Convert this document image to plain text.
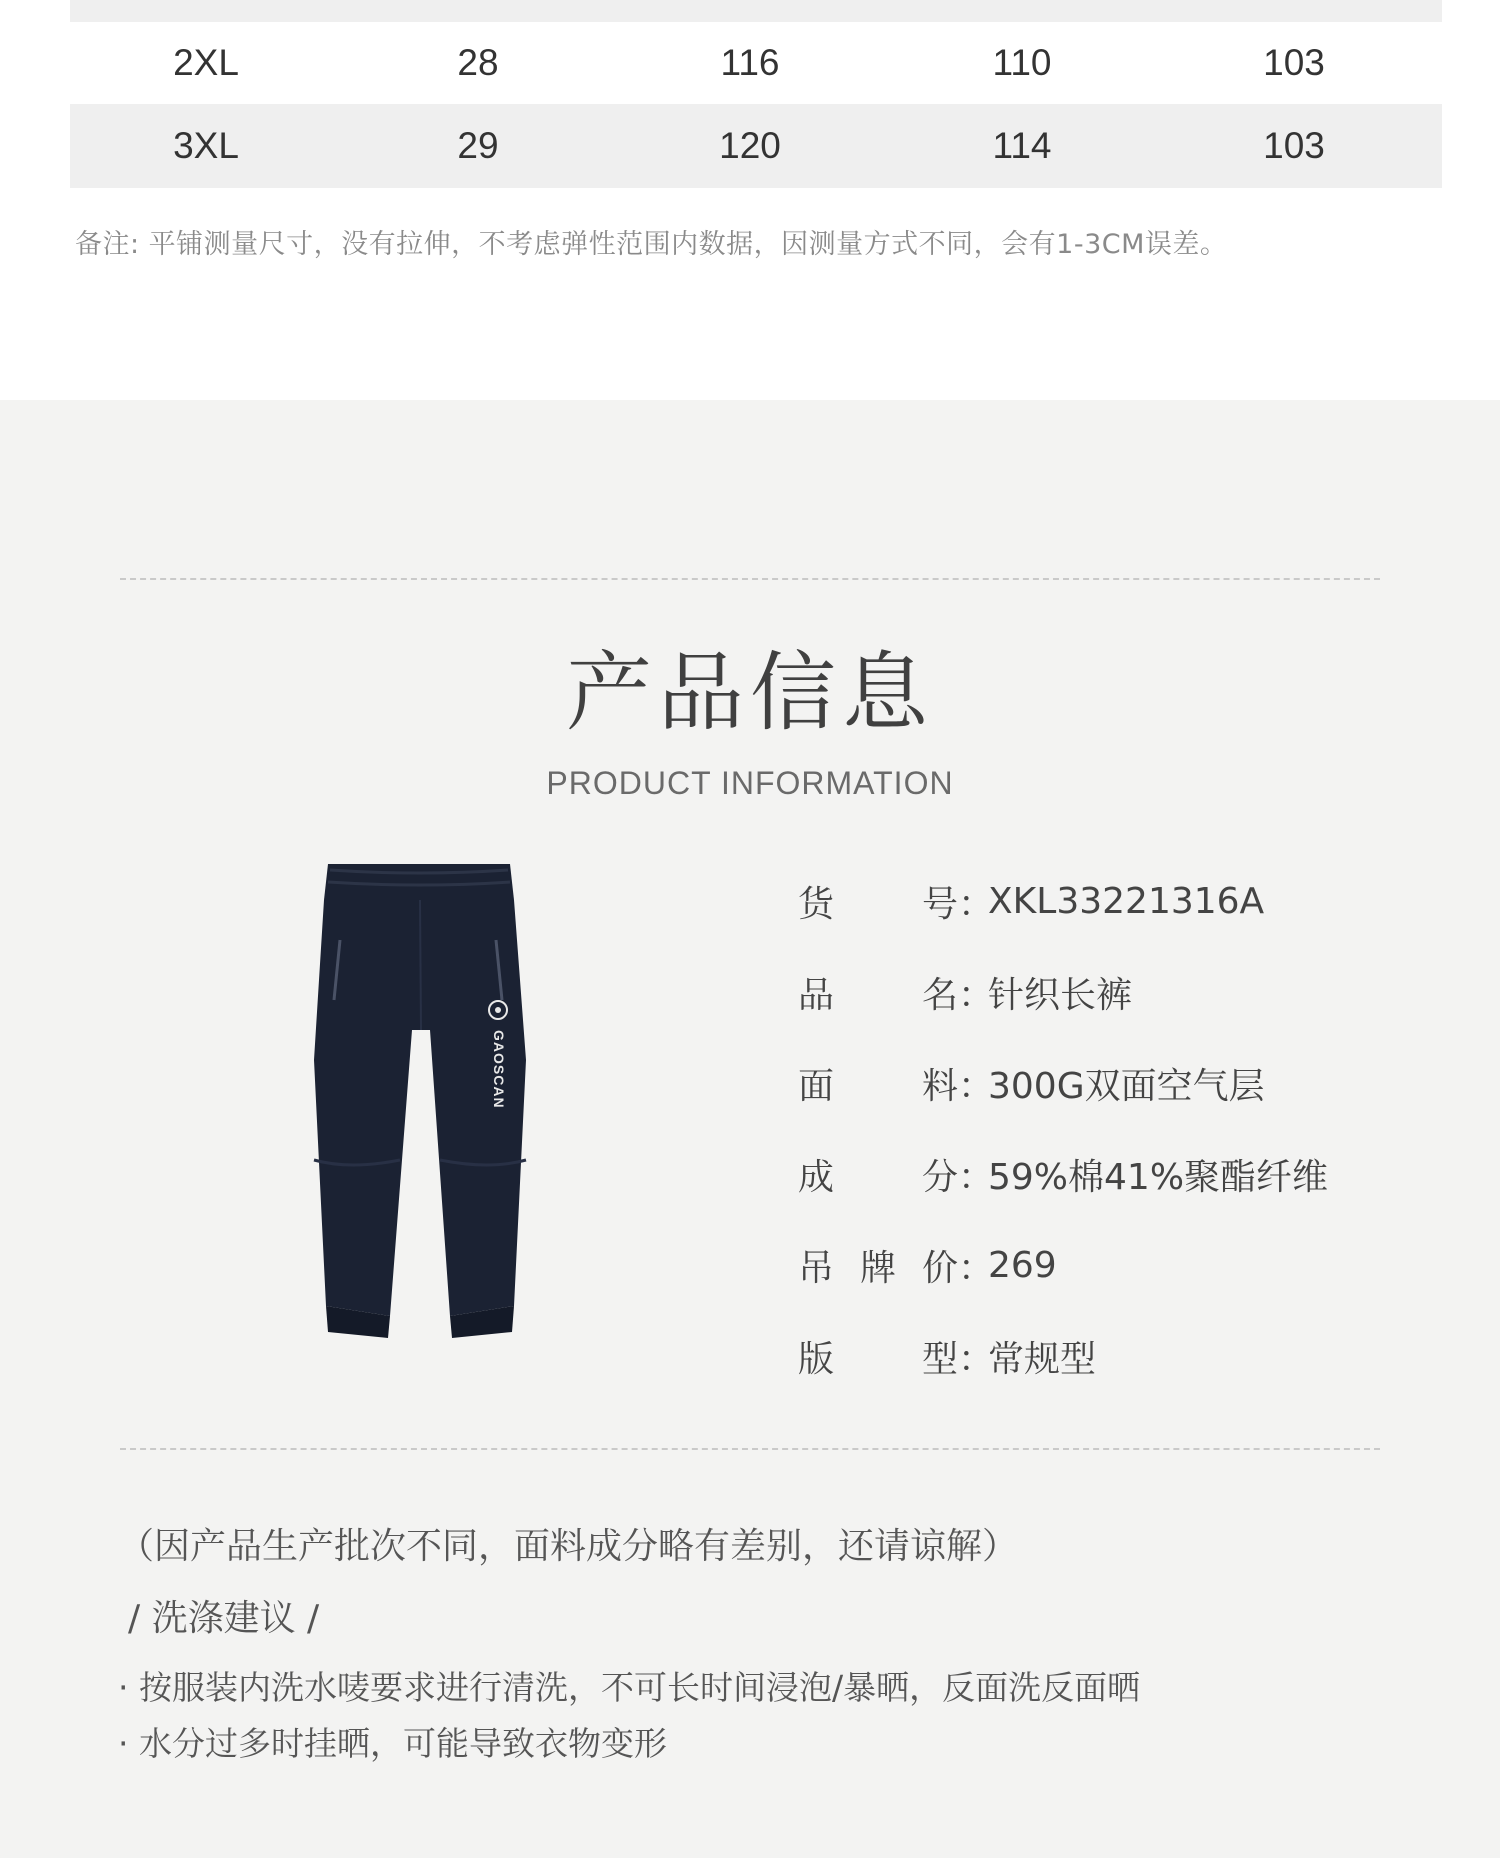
2XL	28	116	110	103
3XL	29	120	114	103
备注: 平铺测量尺寸，没有拉伸，不考虑弹性范围内数据，因测量方式不同，会有1-3CM误差。
产品信息
PRODUCT INFORMATION
GAOSCAN
货 号 ：
XKL33221316A
品 名 ：
针织长裤
面 料 ：
300G双面空气层
成 分 ：
59%棉41%聚酯纤维
吊 牌 价 ：
269
版 型 ：
常规型
（因产品生产批次不同，面料成分略有差别，还请谅解）
/ 洗涤建议 /
· 按服装内洗水唛要求进行清洗，不可长时间浸泡/暴晒，反面洗反面晒
· 水分过多时挂晒，可能导致衣物变形
